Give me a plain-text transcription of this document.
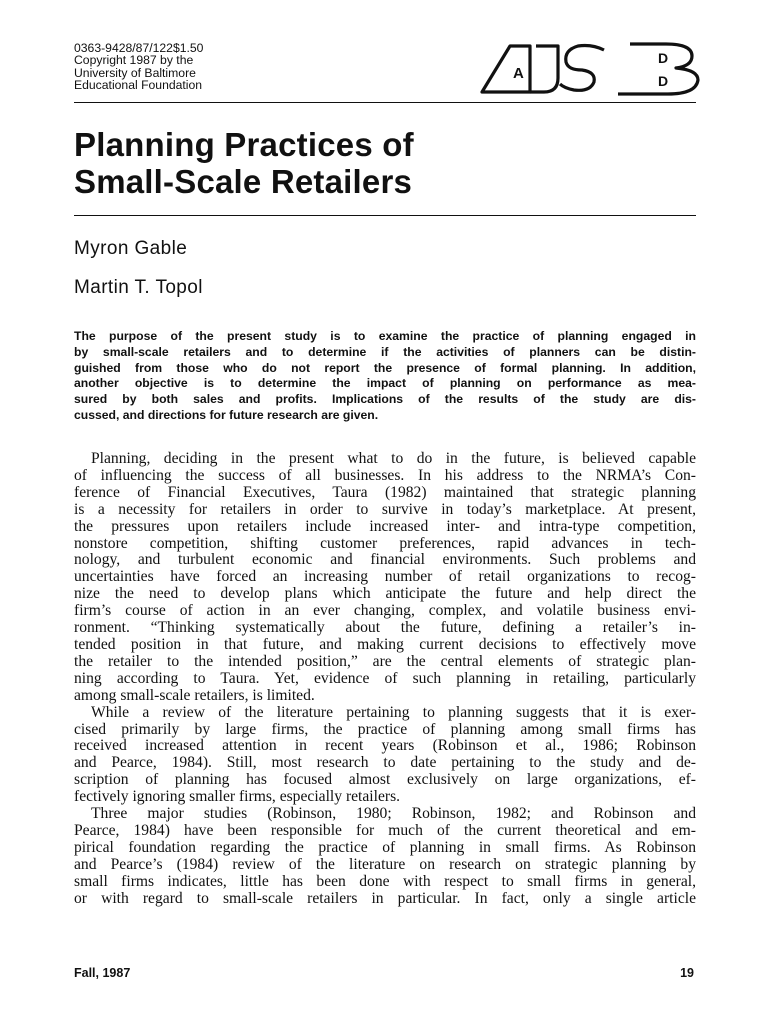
0363-9428/87/122$1.50
Copyright 1987 by the
University of Baltimore
Educational Foundation
A
D
D
Planning Practices of
Small-Scale Retailers
Myron Gable
Martin T. Topol
The purpose of the present study is to examine the practice of planning engaged in
by small-scale retailers and to determine if the activities of planners can be distin-
guished from those who do not report the presence of formal planning. In addition,
another objective is to determine the impact of planning on performance as mea-
sured by both sales and profits. Implications of the results of the study are dis-
cussed, and directions for future research are given.
Planning, deciding in the present what to do in the future, is believed capable
of influencing the success of all businesses. In his address to the NRMA’s Con-
ference of Financial Executives, Taura (1982) maintained that strategic planning
is a necessity for retailers in order to survive in today’s marketplace. At present,
the pressures upon retailers include increased inter- and intra-type competition,
nonstore competition, shifting customer preferences, rapid advances in tech-
nology, and turbulent economic and financial environments. Such problems and
uncertainties have forced an increasing number of retail organizations to recog-
nize the need to develop plans which anticipate the future and help direct the
firm’s course of action in an ever changing, complex, and volatile business envi-
ronment. “Thinking systematically about the future, defining a retailer’s in-
tended position in that future, and making current decisions to effectively move
the retailer to the intended position,” are the central elements of strategic plan-
ning according to Taura. Yet, evidence of such planning in retailing, particularly
among small-scale retailers, is limited.
While a review of the literature pertaining to planning suggests that it is exer-
cised primarily by large firms, the practice of planning among small firms has
received increased attention in recent years (Robinson et al., 1986; Robinson
and Pearce, 1984). Still, most research to date pertaining to the study and de-
scription of planning has focused almost exclusively on large organizations, ef-
fectively ignoring smaller firms, especially retailers.
Three major studies (Robinson, 1980; Robinson, 1982; and Robinson and
Pearce, 1984) have been responsible for much of the current theoretical and em-
pirical foundation regarding the practice of planning in small firms. As Robinson
and Pearce’s (1984) review of the literature on research on strategic planning by
small firms indicates, little has been done with respect to small firms in general,
or with regard to small-scale retailers in particular. In fact, only a single article
Fall, 1987	19
